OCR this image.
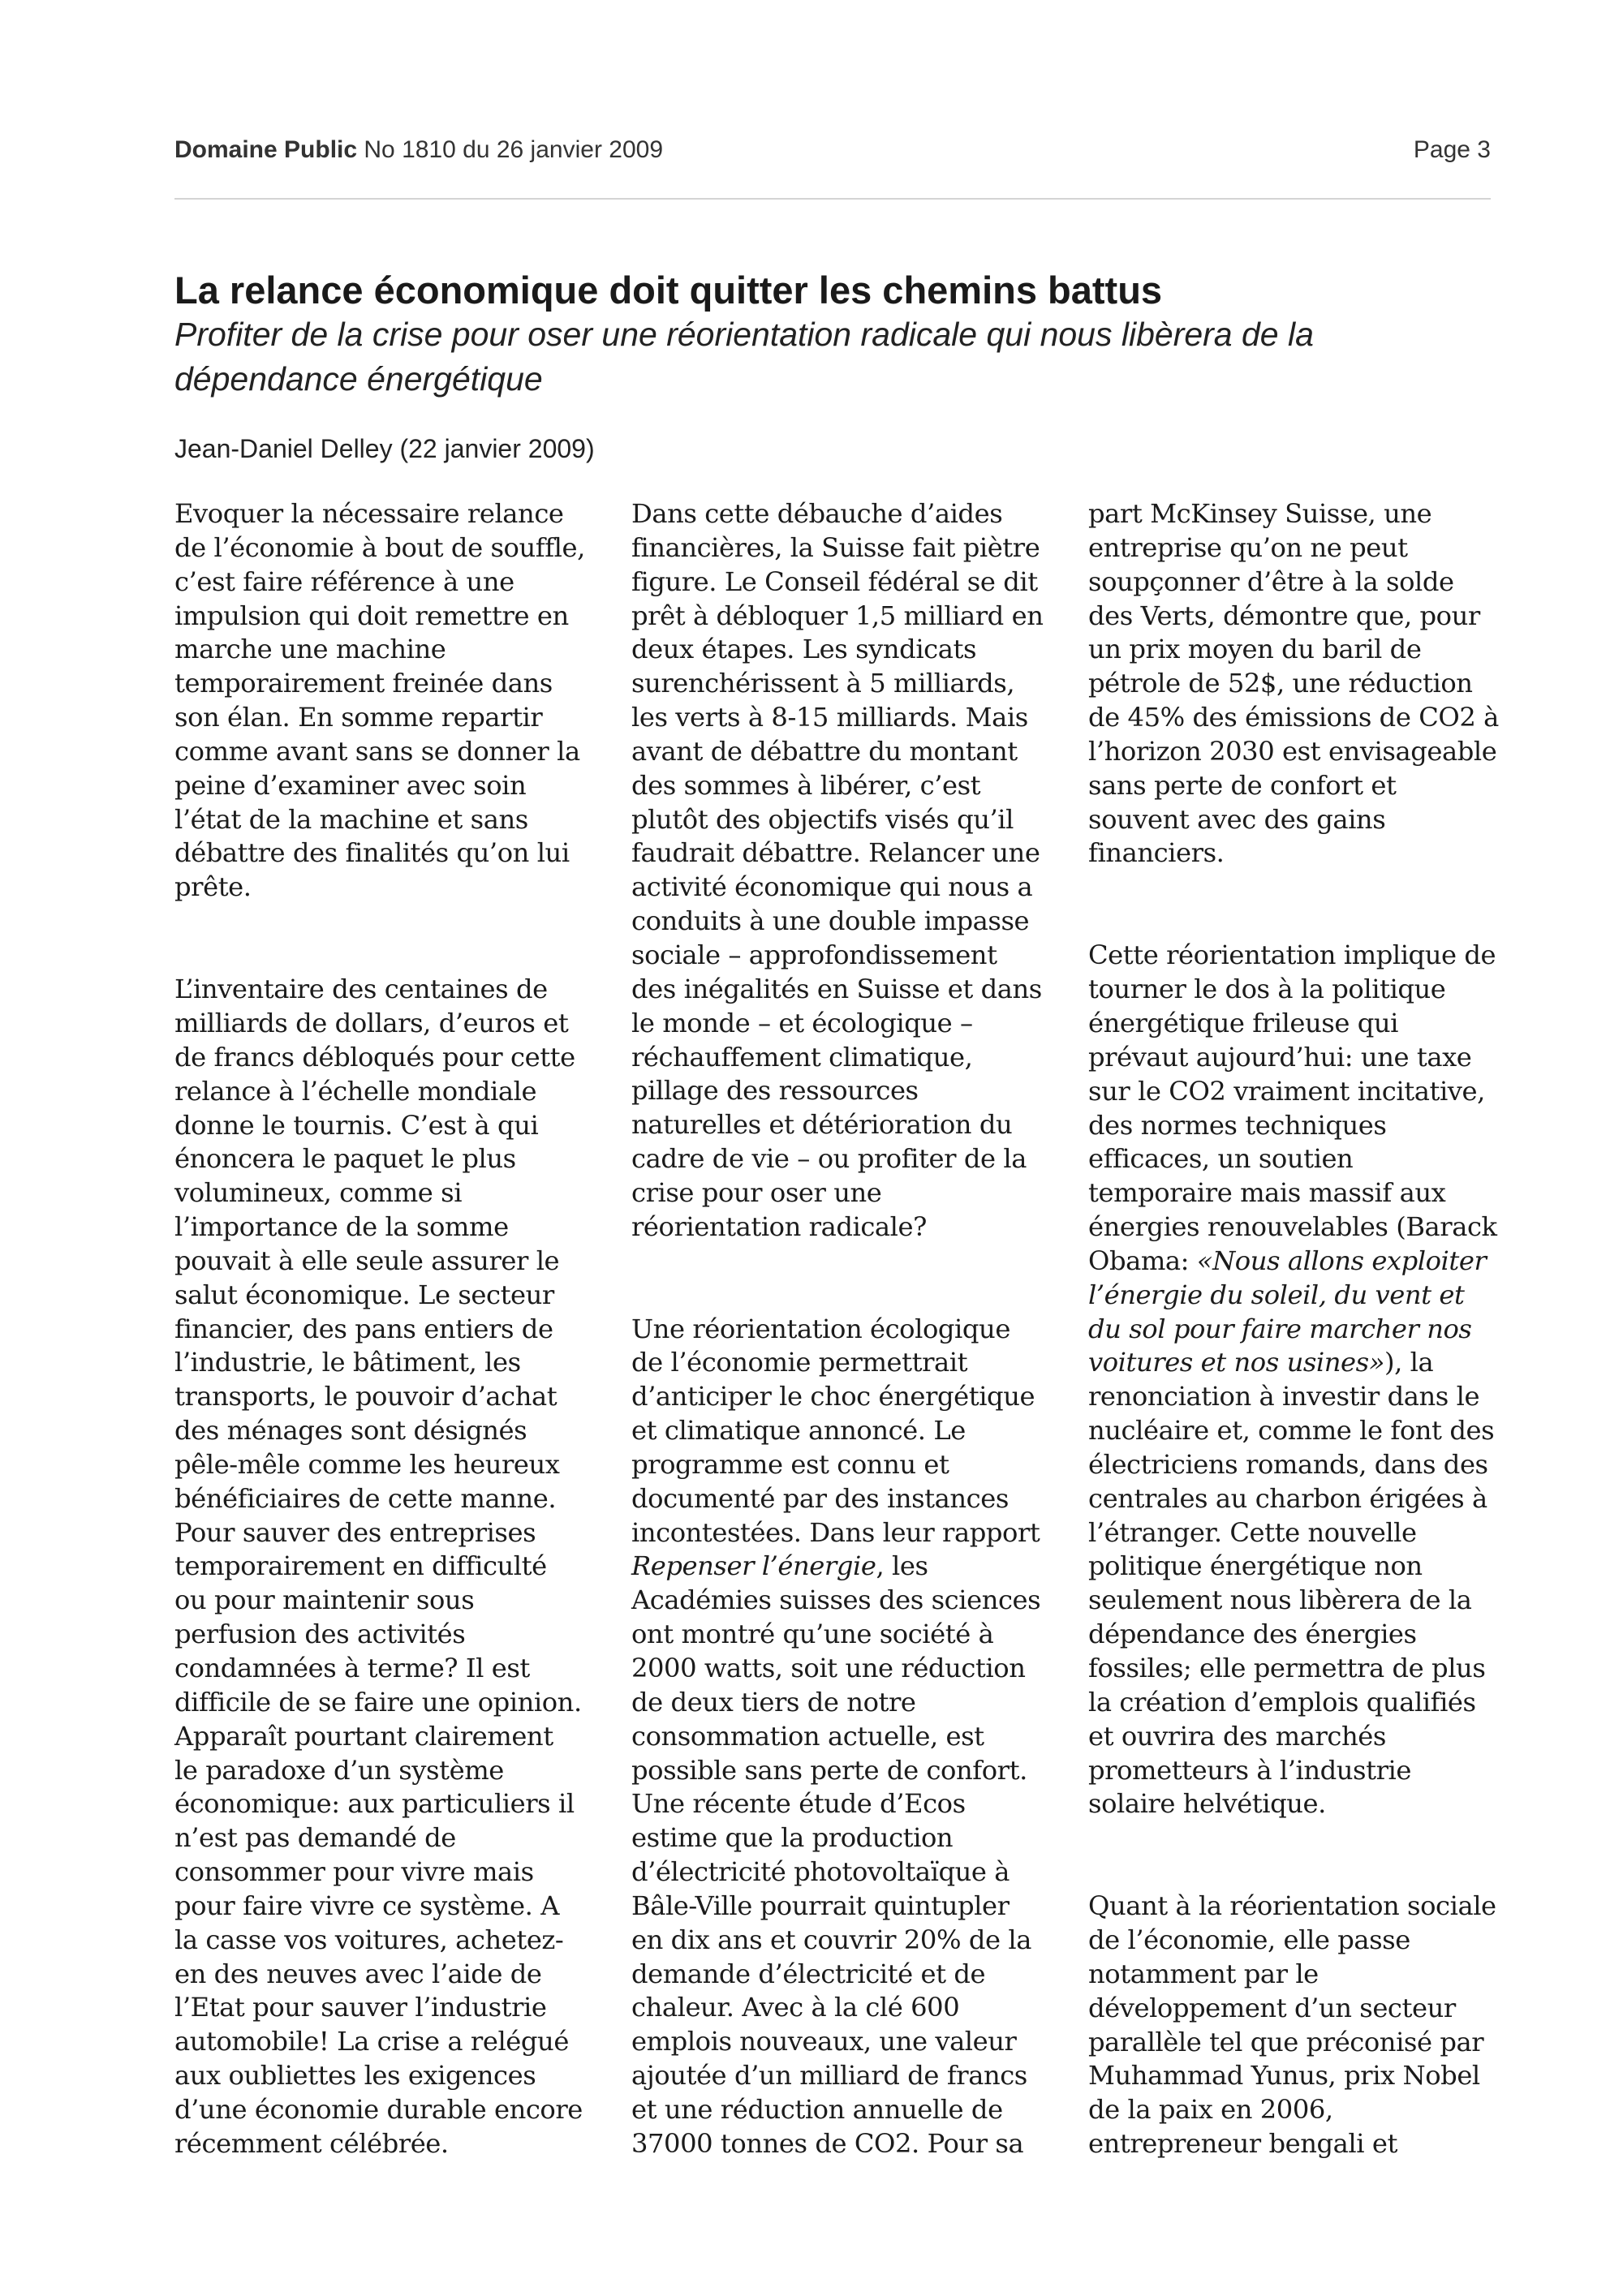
Domaine Public No 1810 du 26 janvier 2009	Page 3
La relance économique doit quitter les chemins battus
Profiter de la crise pour oser une réorientation radicale qui nous libèrera de la
dépendance énergétique
Jean-Daniel Delley (22 janvier 2009)
Evoquer la nécessaire relance
de l’économie à bout de souffle,
c’est faire référence à une
impulsion qui doit remettre en
marche une machine
temporairement freinée dans
son élan. En somme repartir
comme avant sans se donner la
peine d’examiner avec soin
l’état de la machine et sans
débattre des finalités qu’on lui
prête.
L’inventaire des centaines de
milliards de dollars, d’euros et
de francs débloqués pour cette
relance à l’échelle mondiale
donne le tournis. C’est à qui
énoncera le paquet le plus
volumineux, comme si
l’importance de la somme
pouvait à elle seule assurer le
salut économique. Le secteur
financier, des pans entiers de
l’industrie, le bâtiment, les
transports, le pouvoir d’achat
des ménages sont désignés
pêle-mêle comme les heureux
bénéficiaires de cette manne.
Pour sauver des entreprises
temporairement en difficulté
ou pour maintenir sous
perfusion des activités
condamnées à terme? Il est
difficile de se faire une opinion.
Apparaît pourtant clairement
le paradoxe d’un système
économique: aux particuliers il
n’est pas demandé de
consommer pour vivre mais
pour faire vivre ce système. A
la casse vos voitures, achetez-
en des neuves avec l’aide de
l’Etat pour sauver l’industrie
automobile! La crise a relégué
aux oubliettes les exigences
d’une économie durable encore
récemment célébrée.
Dans cette débauche d’aides
financières, la Suisse fait piètre
figure. Le Conseil fédéral se dit
prêt à débloquer 1,5 milliard en
deux étapes. Les syndicats
surenchérissent à 5 milliards,
les verts à 8-15 milliards. Mais
avant de débattre du montant
des sommes à libérer, c’est
plutôt des objectifs visés qu’il
faudrait débattre. Relancer une
activité économique qui nous a
conduits à une double impasse
sociale – approfondissement
des inégalités en Suisse et dans
le monde – et écologique –
réchauffement climatique,
pillage des ressources
naturelles et détérioration du
cadre de vie – ou profiter de la
crise pour oser une
réorientation radicale?
Une réorientation écologique
de l’économie permettrait
d’anticiper le choc énergétique
et climatique annoncé. Le
programme est connu et
documenté par des instances
incontestées. Dans leur rapport
Repenser l’énergie, les
Académies suisses des sciences
ont montré qu’une société à
2000 watts, soit une réduction
de deux tiers de notre
consommation actuelle, est
possible sans perte de confort.
Une récente étude d’Ecos
estime que la production
d’électricité photovoltaïque à
Bâle-Ville pourrait quintupler
en dix ans et couvrir 20% de la
demande d’électricité et de
chaleur. Avec à la clé 600
emplois nouveaux, une valeur
ajoutée d’un milliard de francs
et une réduction annuelle de
37000 tonnes de CO2. Pour sa
part McKinsey Suisse, une
entreprise qu’on ne peut
soupçonner d’être à la solde
des Verts, démontre que, pour
un prix moyen du baril de
pétrole de 52$, une réduction
de 45% des émissions de CO2 à
l’horizon 2030 est envisageable
sans perte de confort et
souvent avec des gains
financiers.
Cette réorientation implique de
tourner le dos à la politique
énergétique frileuse qui
prévaut aujourd’hui: une taxe
sur le CO2 vraiment incitative,
des normes techniques
efficaces, un soutien
temporaire mais massif aux
énergies renouvelables (Barack
Obama: «Nous allons exploiter
l’énergie du soleil, du vent et
du sol pour faire marcher nos
voitures et nos usines»), la
renonciation à investir dans le
nucléaire et, comme le font des
électriciens romands, dans des
centrales au charbon érigées à
l’étranger. Cette nouvelle
politique énergétique non
seulement nous libèrera de la
dépendance des énergies
fossiles; elle permettra de plus
la création d’emplois qualifiés
et ouvrira des marchés
prometteurs à l’industrie
solaire helvétique.
Quant à la réorientation sociale
de l’économie, elle passe
notamment par le
développement d’un secteur
parallèle tel que préconisé par
Muhammad Yunus, prix Nobel
de la paix en 2006,
entrepreneur bengali et
